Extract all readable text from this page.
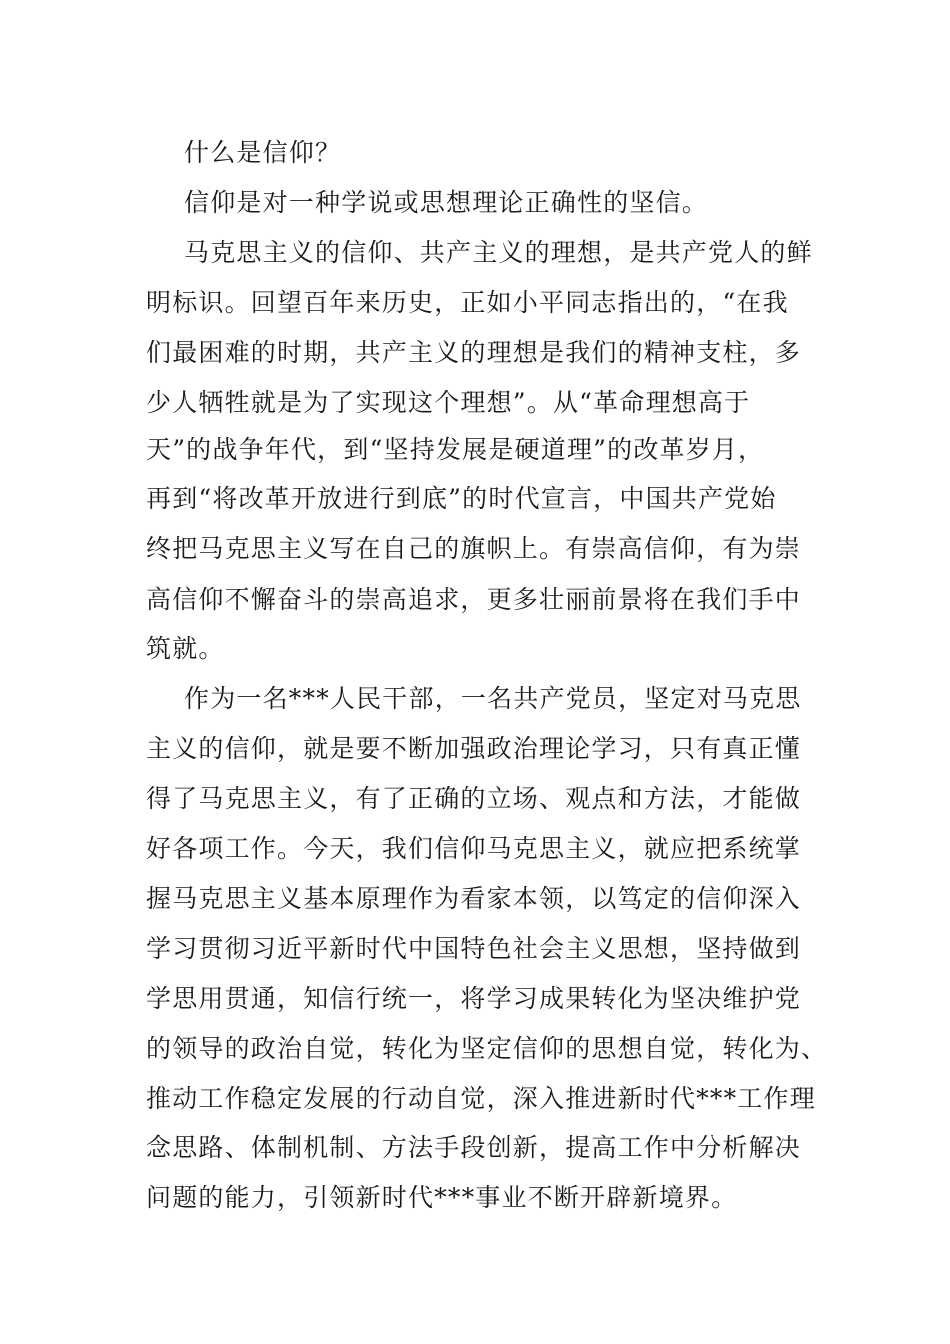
什么是信仰？
信仰是对一种学说或思想理论正确性的坚信。
马克思主义的信仰、共产主义的理想，是共产党人的鲜
明标识。回望百年来历史，正如小平同志指出的，“在我
们最困难的时期，共产主义的理想是我们的精神支柱，多
少人牺牲就是为了实现这个理想”。从“革命理想高于
天”的战争年代，到“坚持发展是硬道理”的改革岁月，
再到“将改革开放进行到底”的时代宣言，中国共产党始
终把马克思主义写在自己的旗帜上。有崇高信仰，有为崇
高信仰不懈奋斗的崇高追求，更多壮丽前景将在我们手中
筑就。
作为一名***人民干部，一名共产党员，坚定对马克思
主义的信仰，就是要不断加强政治理论学习，只有真正懂
得了马克思主义，有了正确的立场、观点和方法，才能做
好各项工作。今天，我们信仰马克思主义，就应把系统掌
握马克思主义基本原理作为看家本领，以笃定的信仰深入
学习贯彻习近平新时代中国特色社会主义思想，坚持做到
学思用贯通，知信行统一，将学习成果转化为坚决维护党
的领导的政治自觉，转化为坚定信仰的思想自觉，转化为、
推动工作稳定发展的行动自觉，深入推进新时代***工作理
念思路、体制机制、方法手段创新，提高工作中分析解决
问题的能力，引领新时代***事业不断开辟新境界。
